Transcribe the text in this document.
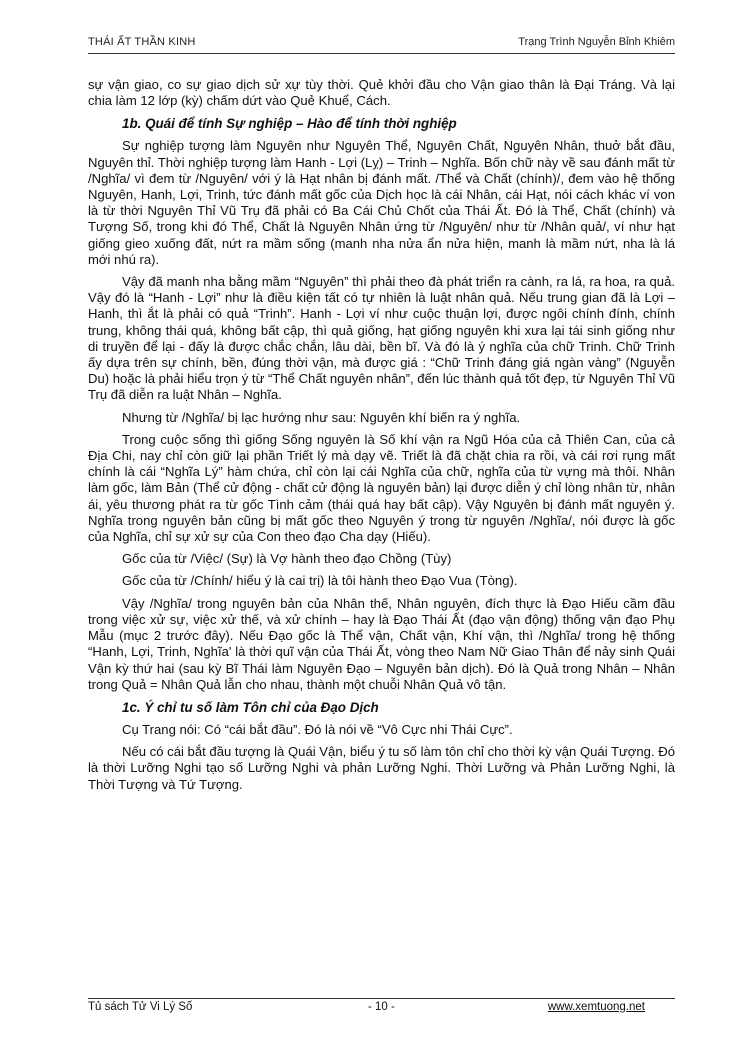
THÁI ẤT THẦN KINH	Trạng Trình Nguyễn Bỉnh Khiêm

sự vận giao, co sự giao dịch sử xự tùy thời. Quẻ khởi đầu cho Vận giao thân là Đại Tráng. Và lại chia làm 12 lớp (kỳ) chấm dứt vào Quẻ Khuể, Cách.

1b. Quái để tính Sự nghiệp – Hào để tính thời nghiệp

Sự nghiệp tượng làm Nguyên như Nguyên Thể, Nguyên Chất, Nguyên Nhân, thuở bắt đầu, Nguyên thỉ. Thời nghiệp tượng làm Hanh - Lợi (Lỵ) – Trinh – Nghĩa. Bốn chữ này về sau đánh mất từ /Nghĩa/ vì đem từ /Nguyên/ với ý là Hạt nhân bị đánh mất. /Thể và Chất (chính)/, đem vào hệ thống Nguyên, Hanh, Lợi, Trinh, tức đánh mất gốc của Dịch học là cái Nhân, cái Hạt, nói cách khác ví von là từ thời Nguyên Thỉ Vũ Trụ đã phải có Ba Cái Chủ Chốt của Thái Ất. Đó là Thể, Chất (chính) và Tượng Số, trong khi đó Thể, Chất là Nguyên Nhân ứng từ /Nguyên/ như từ /Nhân quả/, ví như hạt giống gieo xuống đất, nứt ra mầm sống (manh nha nửa ẩn nửa hiện, manh là mầm nứt, nha là lá mới nhú ra).

Vậy đã manh nha bằng mầm “Nguyên” thì phải theo đà phát triển ra cành, ra lá, ra hoa, ra quả. Vậy đó là “Hanh - Lợi” như là điều kiện tất có tự nhiên là luật nhân quả. Nếu trung gian đã là Lợi – Hanh, thì ắt là phải có quả “Trinh”. Hanh - Lợi ví như cuộc thuận lợi, được ngôi chính đính, chính trung, không thái quá, không bất cập, thì quả giống, hạt giống nguyên khi xưa lại tái sinh giống như di truyền để lại - đấy là được chắc chắn, lâu dài, bền bĩ. Và đó là ý nghĩa của chữ Trinh. Chữ Trinh ấy dựa trên sự chính, bền, đúng thời vận, mà được giá : “Chữ Trinh đáng giá ngàn vàng” (Nguyễn Du) hoặc là phải hiểu trọn ý từ “Thể Chất nguyên nhân”, đến lúc thành quả tốt đẹp, từ Nguyên Thỉ Vũ Trụ đã diễn ra luật Nhân – Nghĩa.

Nhưng từ /Nghĩa/ bị lạc hướng như sau: Nguyên khí biến ra ý nghĩa.

Trong cuộc sống thì giống Sống nguyên là Số khí vận ra Ngũ Hóa của cả Thiên Can, của cả Địa Chi, nay chỉ còn giữ lại phần Triết lý mà dạy vẽ. Triết là đã chặt chia ra rồi, và cái rơi rụng mất chính là cái “Nghĩa Lý” hàm chứa, chỉ còn lại cái Nghĩa của chữ, nghĩa của từ vựng mà thôi. Nhân làm gốc, làm Bản (Thể cử động - chất cử động là nguyên bản) lại được diễn ý chỉ lòng nhân từ, nhân ái, yêu thương phát ra từ gốc Tình cảm (thái quá hay bất cập). Vậy Nguyên bị đánh mất nguyên ý. Nghĩa trong nguyên bản cũng bị mất gốc theo Nguyên ý trong từ nguyên /Nghĩa/, nói được là gốc của Nghĩa, chỉ sự xử sự của Con theo đạo Cha dạy (Hiếu).

Gốc của từ /Việc/ (Sự) là Vợ hành theo đạo Chồng (Tùy)

Gốc của từ /Chính/ hiểu ý là cai trị) là tôi hành theo Đạo Vua (Tòng).

Vậy /Nghĩa/ trong nguyên bản của Nhân thế, Nhân nguyên, đích thực là Đạo Hiếu cầm đầu trong việc xử sự, việc xử thế, và xử chính – hay là Đạo Thái Ất (đạo vận động) thống vận đạo Phụ Mẫu (mục 2 trước đây). Nếu Đạo gốc là Thể vận, Chất vận, Khí vận, thì /Nghĩa/ trong hệ thống “Hanh, Lợi, Trinh, Nghĩa' là thời quĩ vận của Thái Ất, vòng theo Nam Nữ Giao Thân để nảy sinh Quái Vận kỳ thứ hai (sau kỳ Bĩ Thái làm Nguyên Đạo – Nguyên bản dịch). Đó là Quả trong Nhân – Nhân trong Quả = Nhân Quả lẫn cho nhau, thành một chuỗi Nhân Quả vô tận.

1c. Ý chỉ tu số làm Tôn chỉ của Đạo Dịch

Cụ Trang nói: Có “cái bắt đầu”. Đó là nói về “Vô Cực nhi Thái Cực”.

Nếu có cái bắt đầu tượng là Quái Vận, biểu ý tu số làm tôn chỉ cho thời kỳ vận Quái Tượng. Đó là thời Lưỡng Nghi tạo số Lưỡng Nghi và phản Lưỡng Nghi. Thời Lưỡng và Phản Lưỡng Nghi, là Thời Tượng và Tứ Tượng.

Tủ sách Tử Vi Lý Số	- 10 -	www.xemtuong.net
